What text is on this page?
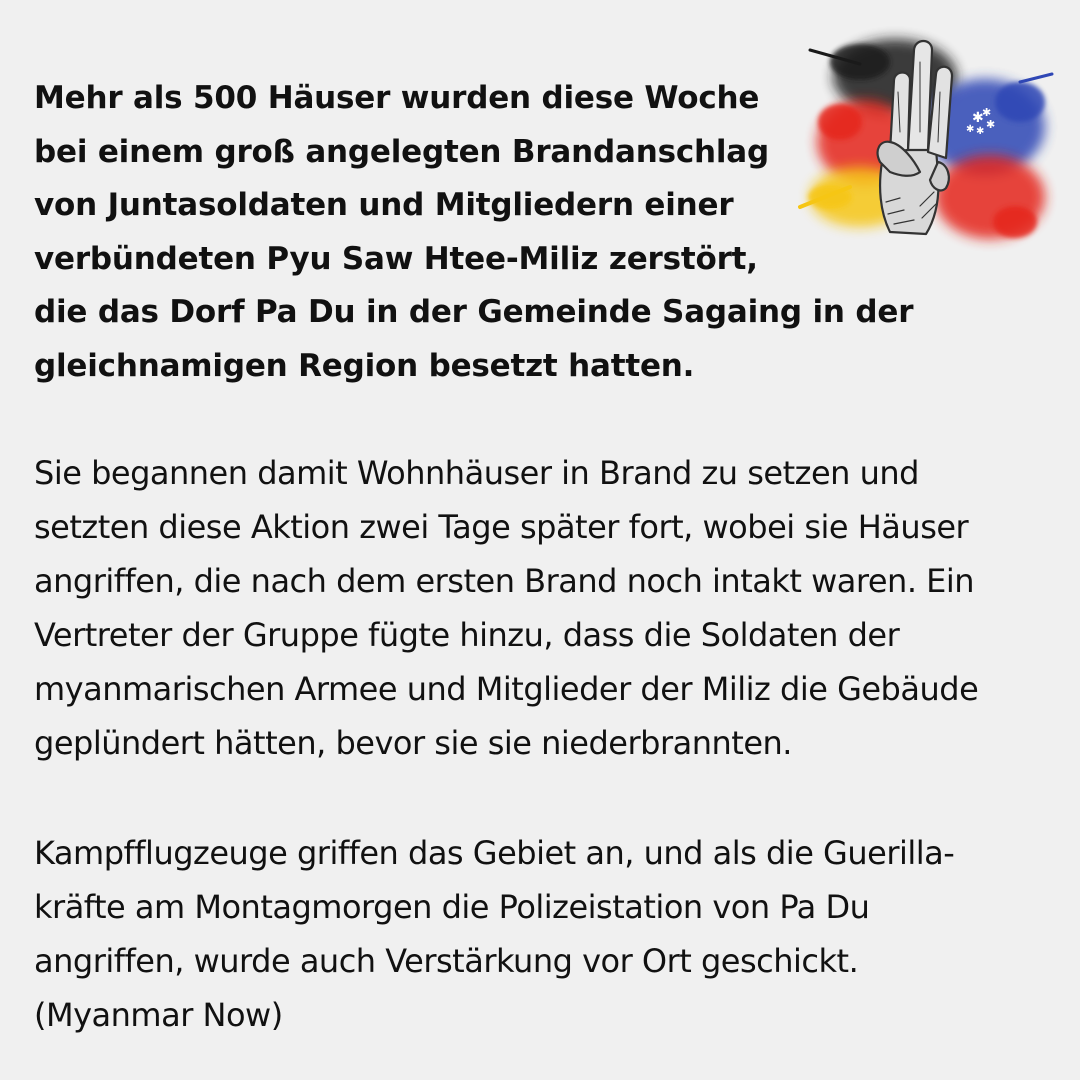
Mehr als 500 Häuser wurden diese Woche
bei einem groß angelegten Brandanschlag
von Juntasoldaten und Mitgliedern einer
verbündeten Pyu Saw Htee-Miliz zerstört,
die das Dorf Pa Du in der Gemeinde Sagaing in der
gleichnamigen Region besetzt hatten.

Sie begannen damit Wohnhäuser in Brand zu setzen und
setzten diese Aktion zwei Tage später fort, wobei sie Häuser
angriffen, die nach dem ersten Brand noch intakt waren. Ein
Vertreter der Gruppe fügte hinzu, dass die Soldaten der
myanmarischen Armee und Mitglieder der Miliz die Gebäude
geplündert hätten, bevor sie sie niederbrannten.

Kampfflugzeuge griffen das Gebiet an, und als die Guerilla-
kräfte am Montagmorgen die Polizeistation von Pa Du
angriffen, wurde auch Verstärkung vor Ort geschickt.
(Myanmar Now)

✱
✱
✱
✱ ✱
